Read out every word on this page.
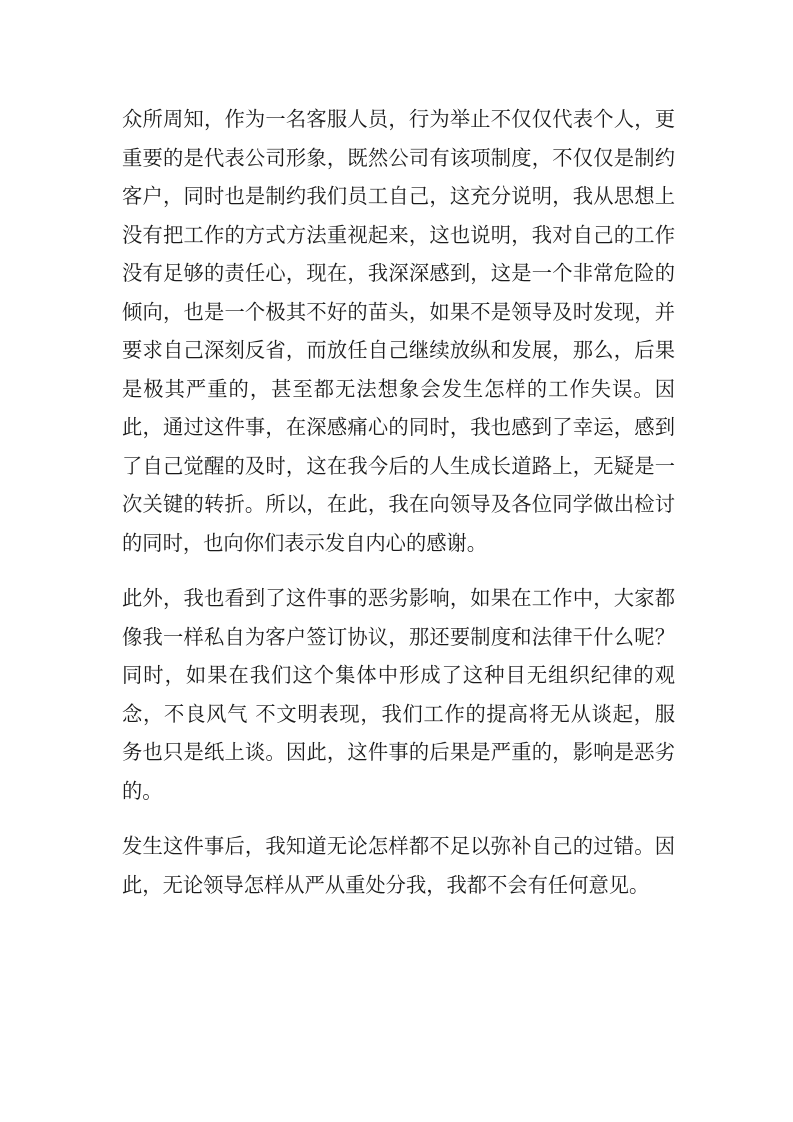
众所周知，作为一名客服人员，行为举止不仅仅代表个人，更重要的是代表公司形象，既然公司有该项制度，不仅仅是制约客户，同时也是制约我们员工自己，这充分说明，我从思想上没有把工作的方式方法重视起来，这也说明，我对自己的工作没有足够的责任心，现在，我深深感到，这是一个非常危险的倾向，也是一个极其不好的苗头，如果不是领导及时发现，并要求自己深刻反省，而放任自己继续放纵和发展，那么，后果是极其严重的，甚至都无法想象会发生怎样的工作失误。因此，通过这件事，在深感痛心的同时，我也感到了幸运，感到了自己觉醒的及时，这在我今后的人生成长道路上，无疑是一次关键的转折。所以，在此，我在向领导及各位同学做出检讨的同时，也向你们表示发自内心的感谢。

此外，我也看到了这件事的恶劣影响，如果在工作中，大家都像我一样私自为客户签订协议，那还要制度和法律干什么呢？同时，如果在我们这个集体中形成了这种目无组织纪律的观念，不良风气 不文明表现，我们工作的提高将无从谈起，服务也只是纸上谈。因此，这件事的后果是严重的，影响是恶劣的。

发生这件事后，我知道无论怎样都不足以弥补自己的过错。因此，无论领导怎样从严从重处分我，我都不会有任何意见。
